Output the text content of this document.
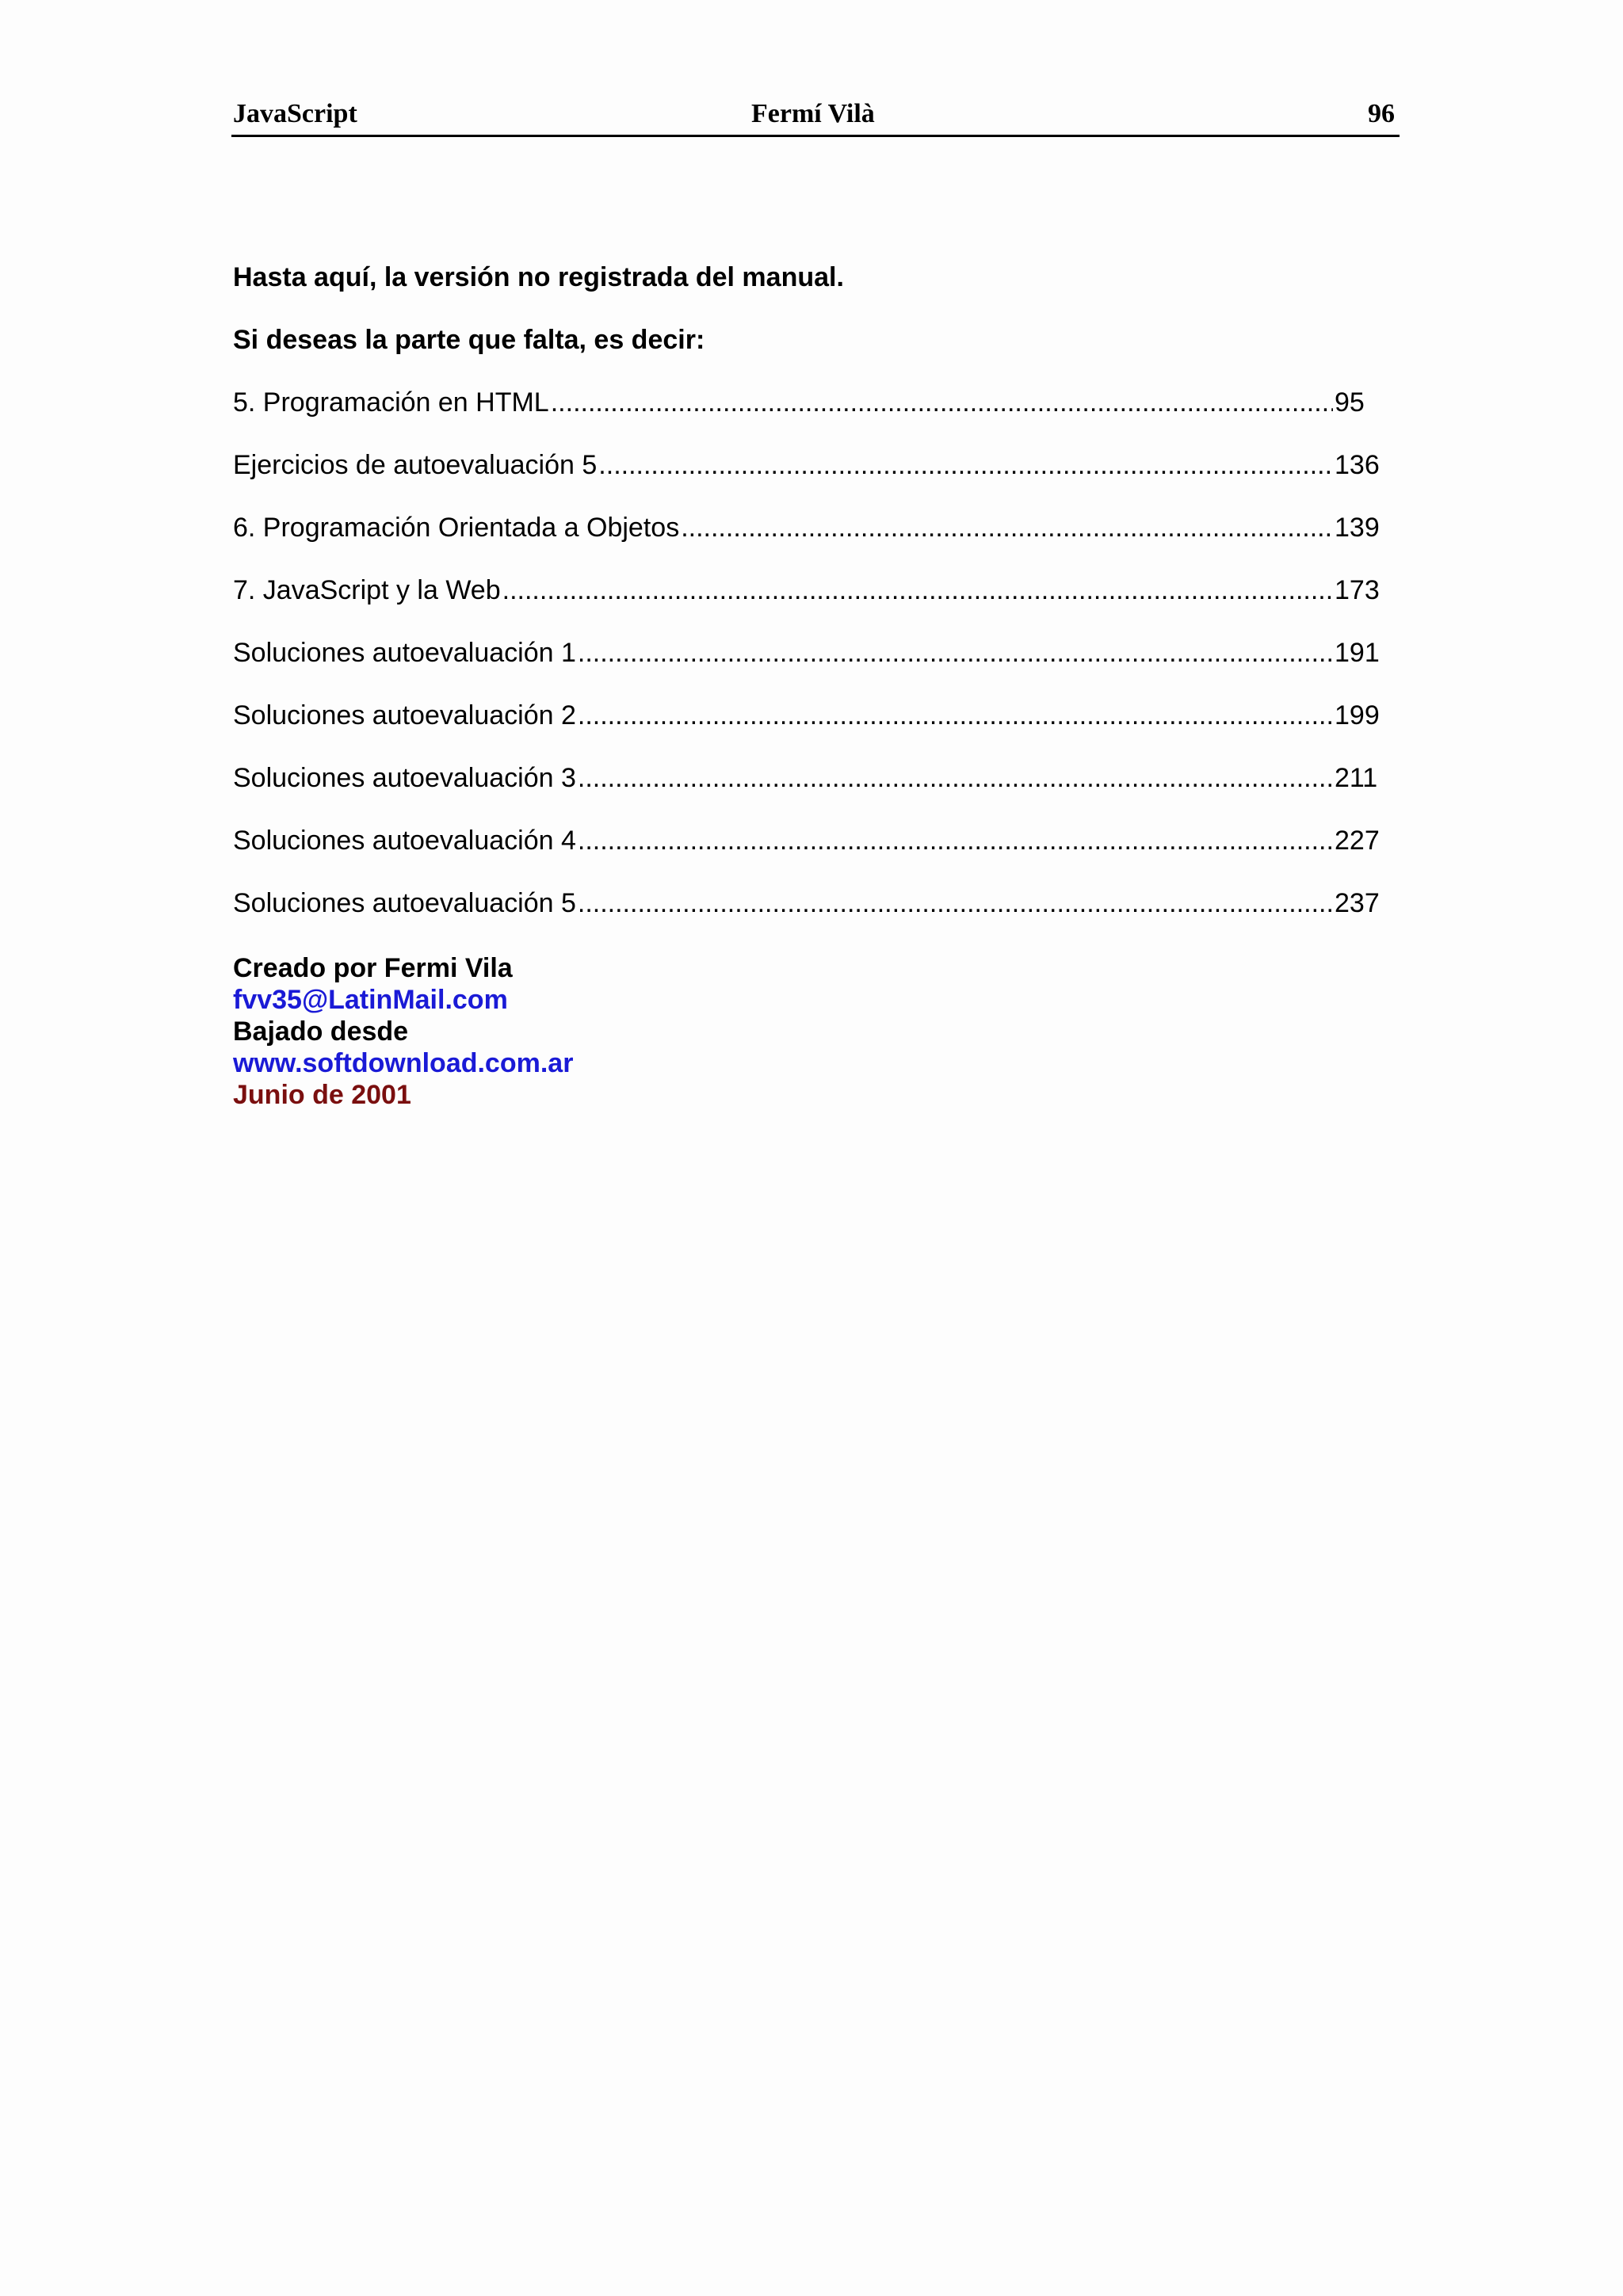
JavaScript	Fermí Vilà	96
Hasta aquí, la versión no registrada del manual.
Si deseas la parte que falta, es decir:
5. Programación en HTML .....	95
Ejercicios de autoevaluación 5 .....	136
6. Programación Orientada a Objetos .....	139
7. JavaScript y la Web .....	173
Soluciones autoevaluación 1 .....	191
Soluciones autoevaluación 2 .....	199
Soluciones autoevaluación 3 .....	211
Soluciones autoevaluación 4 .....	227
Soluciones autoevaluación 5 .....	237
Creado por Fermi Vila
fvv35@LatinMail.com
Bajado desde
www.softdownload.com.ar
Junio de 2001
